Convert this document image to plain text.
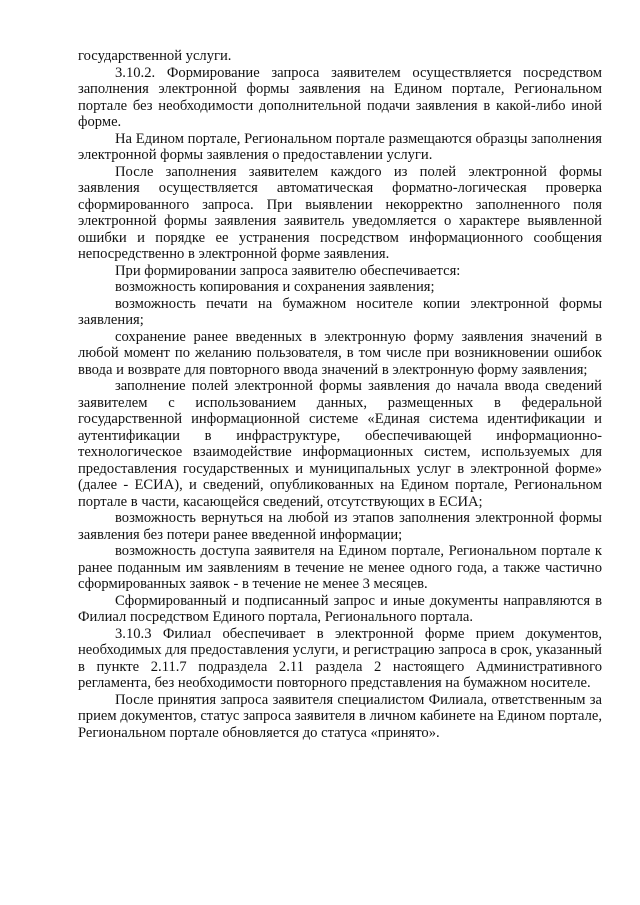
государственной услуги.

3.10.2. Формирование запроса заявителем осуществляется посредством заполнения электронной формы заявления на Едином портале, Региональном портале без необходимости дополнительной подачи заявления в какой-либо иной форме.

На Едином портале, Региональном портале размещаются образцы заполнения электронной формы заявления о предоставлении услуги.

После заполнения заявителем каждого из полей электронной формы заявления осуществляется автоматическая форматно-логическая проверка сформированного запроса. При выявлении некорректно заполненного поля электронной формы заявления заявитель уведомляется о характере выявленной ошибки и порядке ее устранения посредством информационного сообщения непосредственно в электронной форме заявления.

При формировании запроса заявителю обеспечивается:

возможность копирования и сохранения заявления;

возможность печати на бумажном носителе копии электронной формы заявления;

сохранение ранее введенных в электронную форму заявления значений в любой момент по желанию пользователя, в том числе при возникновении ошибок ввода и возврате для повторного ввода значений в электронную форму заявления;

заполнение полей электронной формы заявления до начала ввода сведений заявителем с использованием данных, размещенных в федеральной государственной информационной системе «Единая система идентификации и аутентификации в инфраструктуре, обеспечивающей информационно-технологическое взаимодействие информационных систем, используемых для предоставления государственных и муниципальных услуг в электронной форме» (далее - ЕСИА), и сведений, опубликованных на Едином портале, Региональном портале в части, касающейся сведений, отсутствующих в ЕСИА;

возможность вернуться на любой из этапов заполнения электронной формы заявления без потери ранее введенной информации;

возможность доступа заявителя на Едином портале, Региональном портале к ранее поданным им заявлениям в течение не менее одного года, а также частично сформированных заявок - в течение не менее 3 месяцев.

Сформированный и подписанный запрос и иные документы направляются в Филиал посредством Единого портала, Регионального портала.

3.10.3 Филиал обеспечивает в электронной форме прием документов, необходимых для предоставления услуги, и регистрацию запроса в срок, указанный в пункте 2.11.7 подраздела 2.11 раздела 2 настоящего Административного регламента, без необходимости повторного представления на бумажном носителе.

После принятия запроса заявителя специалистом Филиала, ответственным за прием документов, статус запроса заявителя в личном кабинете на Едином портале, Региональном портале обновляется до статуса «принято».
